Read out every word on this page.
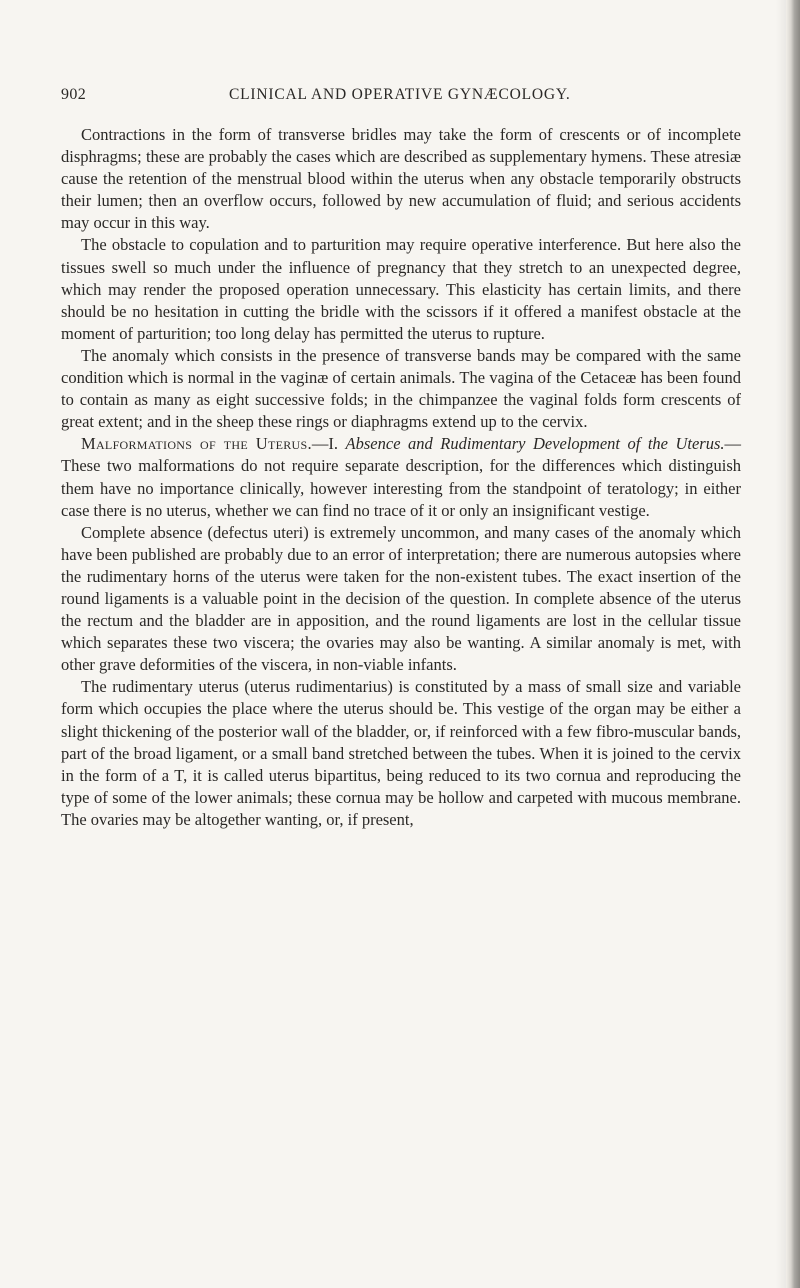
902	CLINICAL AND OPERATIVE GYNÆCOLOGY.

Contractions in the form of transverse bridles may take the form of crescents or of incomplete disphragms; these are probably the cases which are described as supplementary hymens. These atresiæ cause the retention of the menstrual blood within the uterus when any obstacle temporarily obstructs their lumen; then an overflow occurs, followed by new accumulation of fluid; and serious accidents may occur in this way.

The obstacle to copulation and to parturition may require operative interference. But here also the tissues swell so much under the influence of pregnancy that they stretch to an unexpected degree, which may render the proposed operation unnecessary. This elasticity has certain limits, and there should be no hesitation in cutting the bridle with the scissors if it offered a manifest obstacle at the moment of parturition; too long delay has permitted the uterus to rupture.

The anomaly which consists in the presence of transverse bands may be compared with the same condition which is normal in the vaginæ of certain animals. The vagina of the Cetaceæ has been found to contain as many as eight successive folds; in the chimpanzee the vaginal folds form crescents of great extent; and in the sheep these rings or diaphragms extend up to the cervix.

Malformations of the Uterus.—I. Absence and Rudimentary Development of the Uterus.—These two malformations do not require separate description, for the differences which distinguish them have no importance clinically, however interesting from the standpoint of teratology; in either case there is no uterus, whether we can find no trace of it or only an insignificant vestige.

Complete absence (defectus uteri) is extremely uncommon, and many cases of the anomaly which have been published are probably due to an error of interpretation; there are numerous autopsies where the rudimentary horns of the uterus were taken for the non-existent tubes. The exact insertion of the round ligaments is a valuable point in the decision of the question. In complete absence of the uterus the rectum and the bladder are in apposition, and the round ligaments are lost in the cellular tissue which separates these two viscera; the ovaries may also be wanting. A similar anomaly is met, with other grave deformities of the viscera, in non-viable infants.

The rudimentary uterus (uterus rudimentarius) is constituted by a mass of small size and variable form which occupies the place where the uterus should be. This vestige of the organ may be either a slight thickening of the posterior wall of the bladder, or, if reinforced with a few fibro-muscular bands, part of the broad ligament, or a small band stretched between the tubes. When it is joined to the cervix in the form of a T, it is called uterus bipartitus, being reduced to its two cornua and reproducing the type of some of the lower animals; these cornua may be hollow and carpeted with mucous membrane. The ovaries may be altogether wanting, or, if present,
